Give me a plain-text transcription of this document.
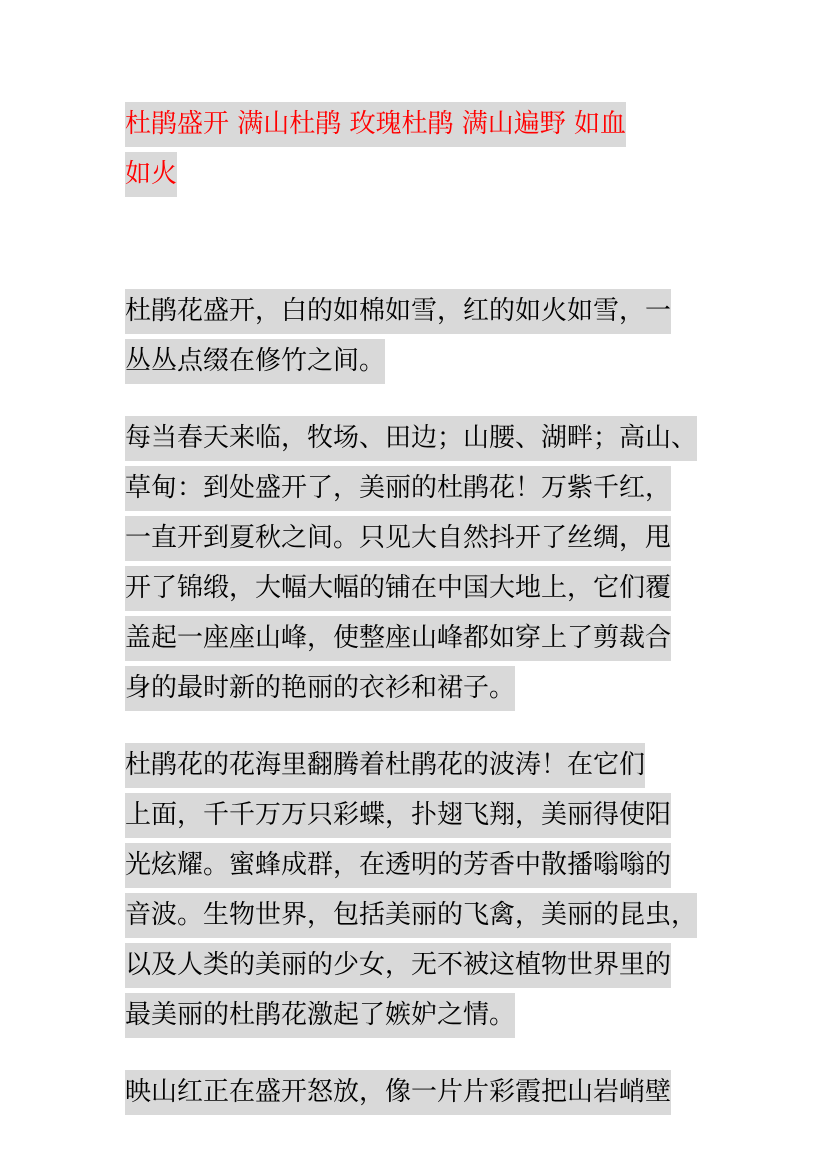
杜鹃盛开 满山杜鹃 玫瑰杜鹃 满山遍野 如血
如火
杜鹃花盛开，白的如棉如雪，红的如火如雪，一
丛丛点缀在修竹之间。
每当春天来临，牧场、田边；山腰、湖畔；高山、
草甸：到处盛开了，美丽的杜鹃花！万紫千红，
一直开到夏秋之间。只见大自然抖开了丝绸，甩
开了锦缎，大幅大幅的铺在中国大地上，它们覆
盖起一座座山峰，使整座山峰都如穿上了剪裁合
身的最时新的艳丽的衣衫和裙子。
杜鹃花的花海里翻腾着杜鹃花的波涛！在它们
上面，千千万万只彩蝶，扑翅飞翔，美丽得使阳
光炫耀。蜜蜂成群，在透明的芳香中散播嗡嗡的
音波。生物世界，包括美丽的飞禽，美丽的昆虫，
以及人类的美丽的少女，无不被这植物世界里的
最美丽的杜鹃花激起了嫉妒之情。
映山红正在盛开怒放，像一片片彩霞把山岩峭壁
